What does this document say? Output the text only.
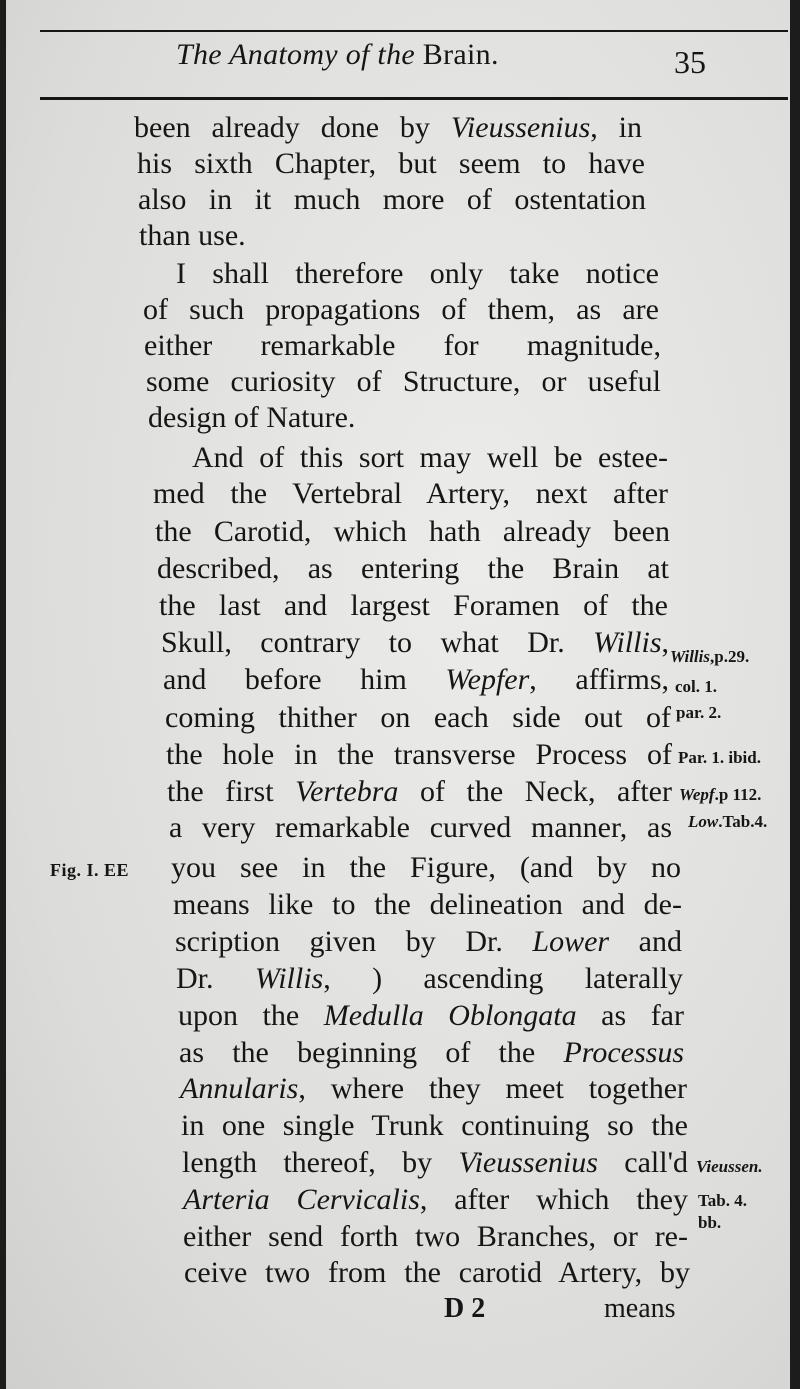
The Anatomy of the Brain.	35
been already done by Vieussenius, in
his sixth Chapter, but seem to have
also in it much more of ostentation
than use.
I shall therefore only take notice
of such propagations of them, as are
either remarkable for magnitude,
some curiosity of Structure, or useful
design of Nature.
And of this sort may well be estee-
med the Vertebral Artery, next after
the Carotid, which hath already been
described, as entering the Brain at
the last and largest Foramen of the
Skull, contrary to what Dr. Willis,
and before him Wepfer, affirms,
coming thither on each side out of
the hole in the transverse Process of
the first Vertebra of the Neck, after
a very remarkable curved manner, as
you see in the Figure, (and by no
means like to the delineation and de-
scription given by Dr. Lower and
Dr. Willis, ) ascending laterally
upon the Medulla Oblongata as far
as the beginning of the Processus
Annularis, where they meet together
in one single Trunk continuing so the
length thereof, by Vieussenius call'd
Arteria Cervicalis, after which they
either send forth two Branches, or re-
ceive two from the carotid Artery, by
Fig. I. EE
Willis,p.29.
col. 1.
par. 2.
Par. 1. ibid.
Wepf.p 112.
Low.Tab.4.
Vieussen.
Tab. 4.
bb.
D 2	means
